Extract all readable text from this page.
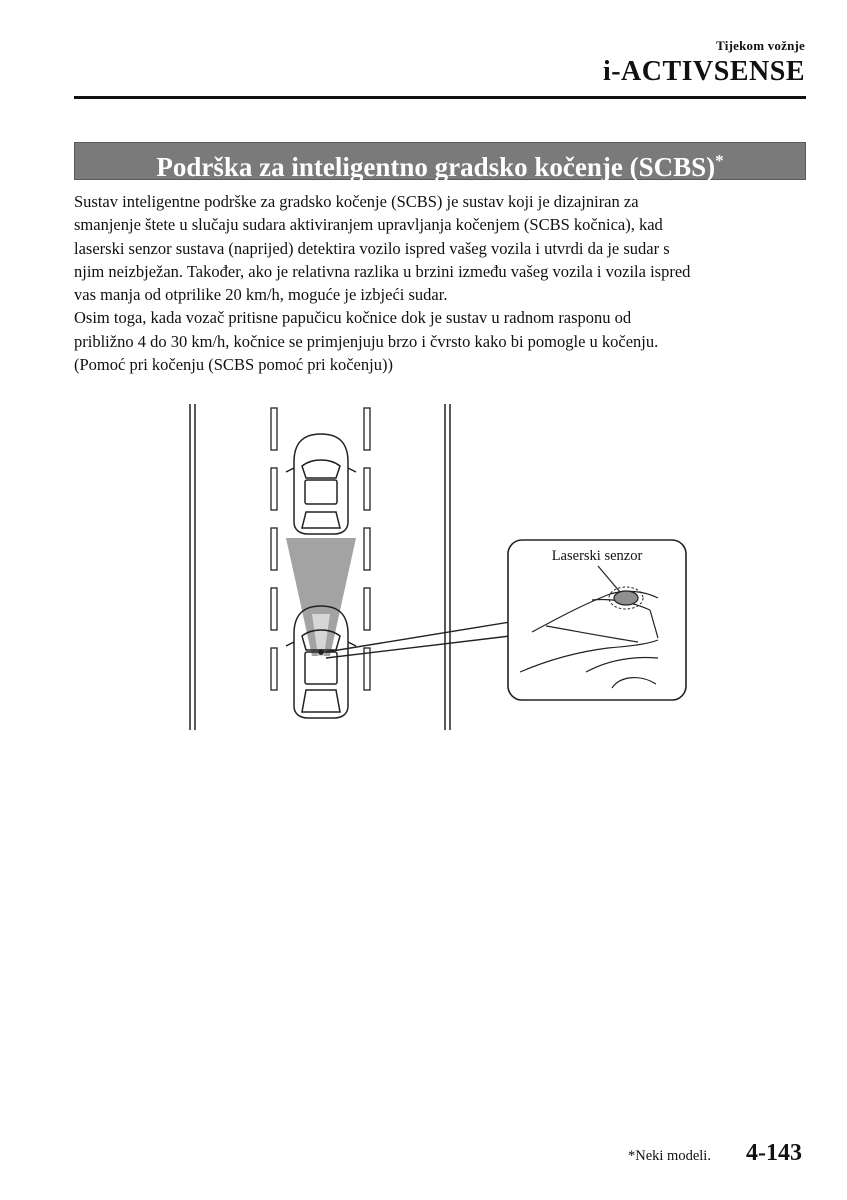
Tijekom vožnje
i-ACTIVSENSE
Podrška za inteligentno gradsko kočenje (SCBS)*
Sustav inteligentne podrške za gradsko kočenje (SCBS) je sustav koji je dizajniran za
smanjenje štete u slučaju sudara aktiviranjem upravljanja kočenjem (SCBS kočnica), kad
laserski senzor sustava (naprijed) detektira vozilo ispred vašeg vozila i utvrdi da je sudar s
njim neizbježan. Također, ako je relativna razlika u brzini između vašeg vozila i vozila ispred
vas manja od otprilike 20 km/h, moguće je izbjeći sudar.
Osim toga, kada vozač pritisne papučicu kočnice dok je sustav u radnom rasponu od
približno 4 do 30 km/h, kočnice se primjenjuju brzo i čvrsto kako bi pomogle u kočenju.
(Pomoć pri kočenju (SCBS pomoć pri kočenju))
Laserski senzor
*Neki modeli. 4-143
